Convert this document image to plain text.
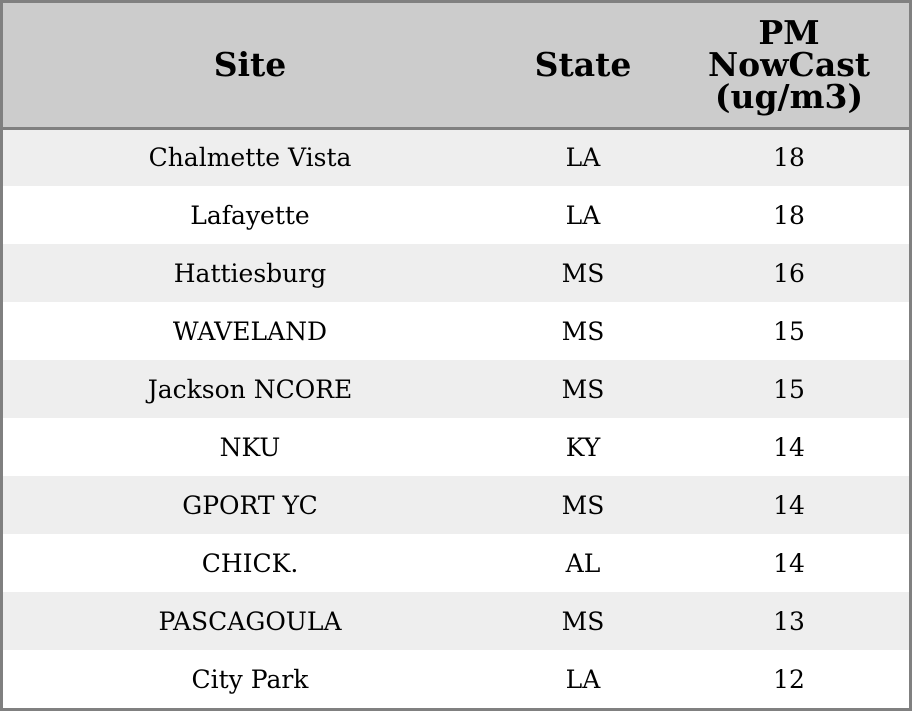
Site	State	PM
NowCast
(ug/m3)

Chalmette Vista	LA	18
Lafayette	LA	18
Hattiesburg	MS	16
WAVELAND	MS	15
Jackson NCORE	MS	15
NKU	KY	14
GPORT YC	MS	14
CHICK.	AL	14
PASCAGOULA	MS	13
City Park	LA	12
